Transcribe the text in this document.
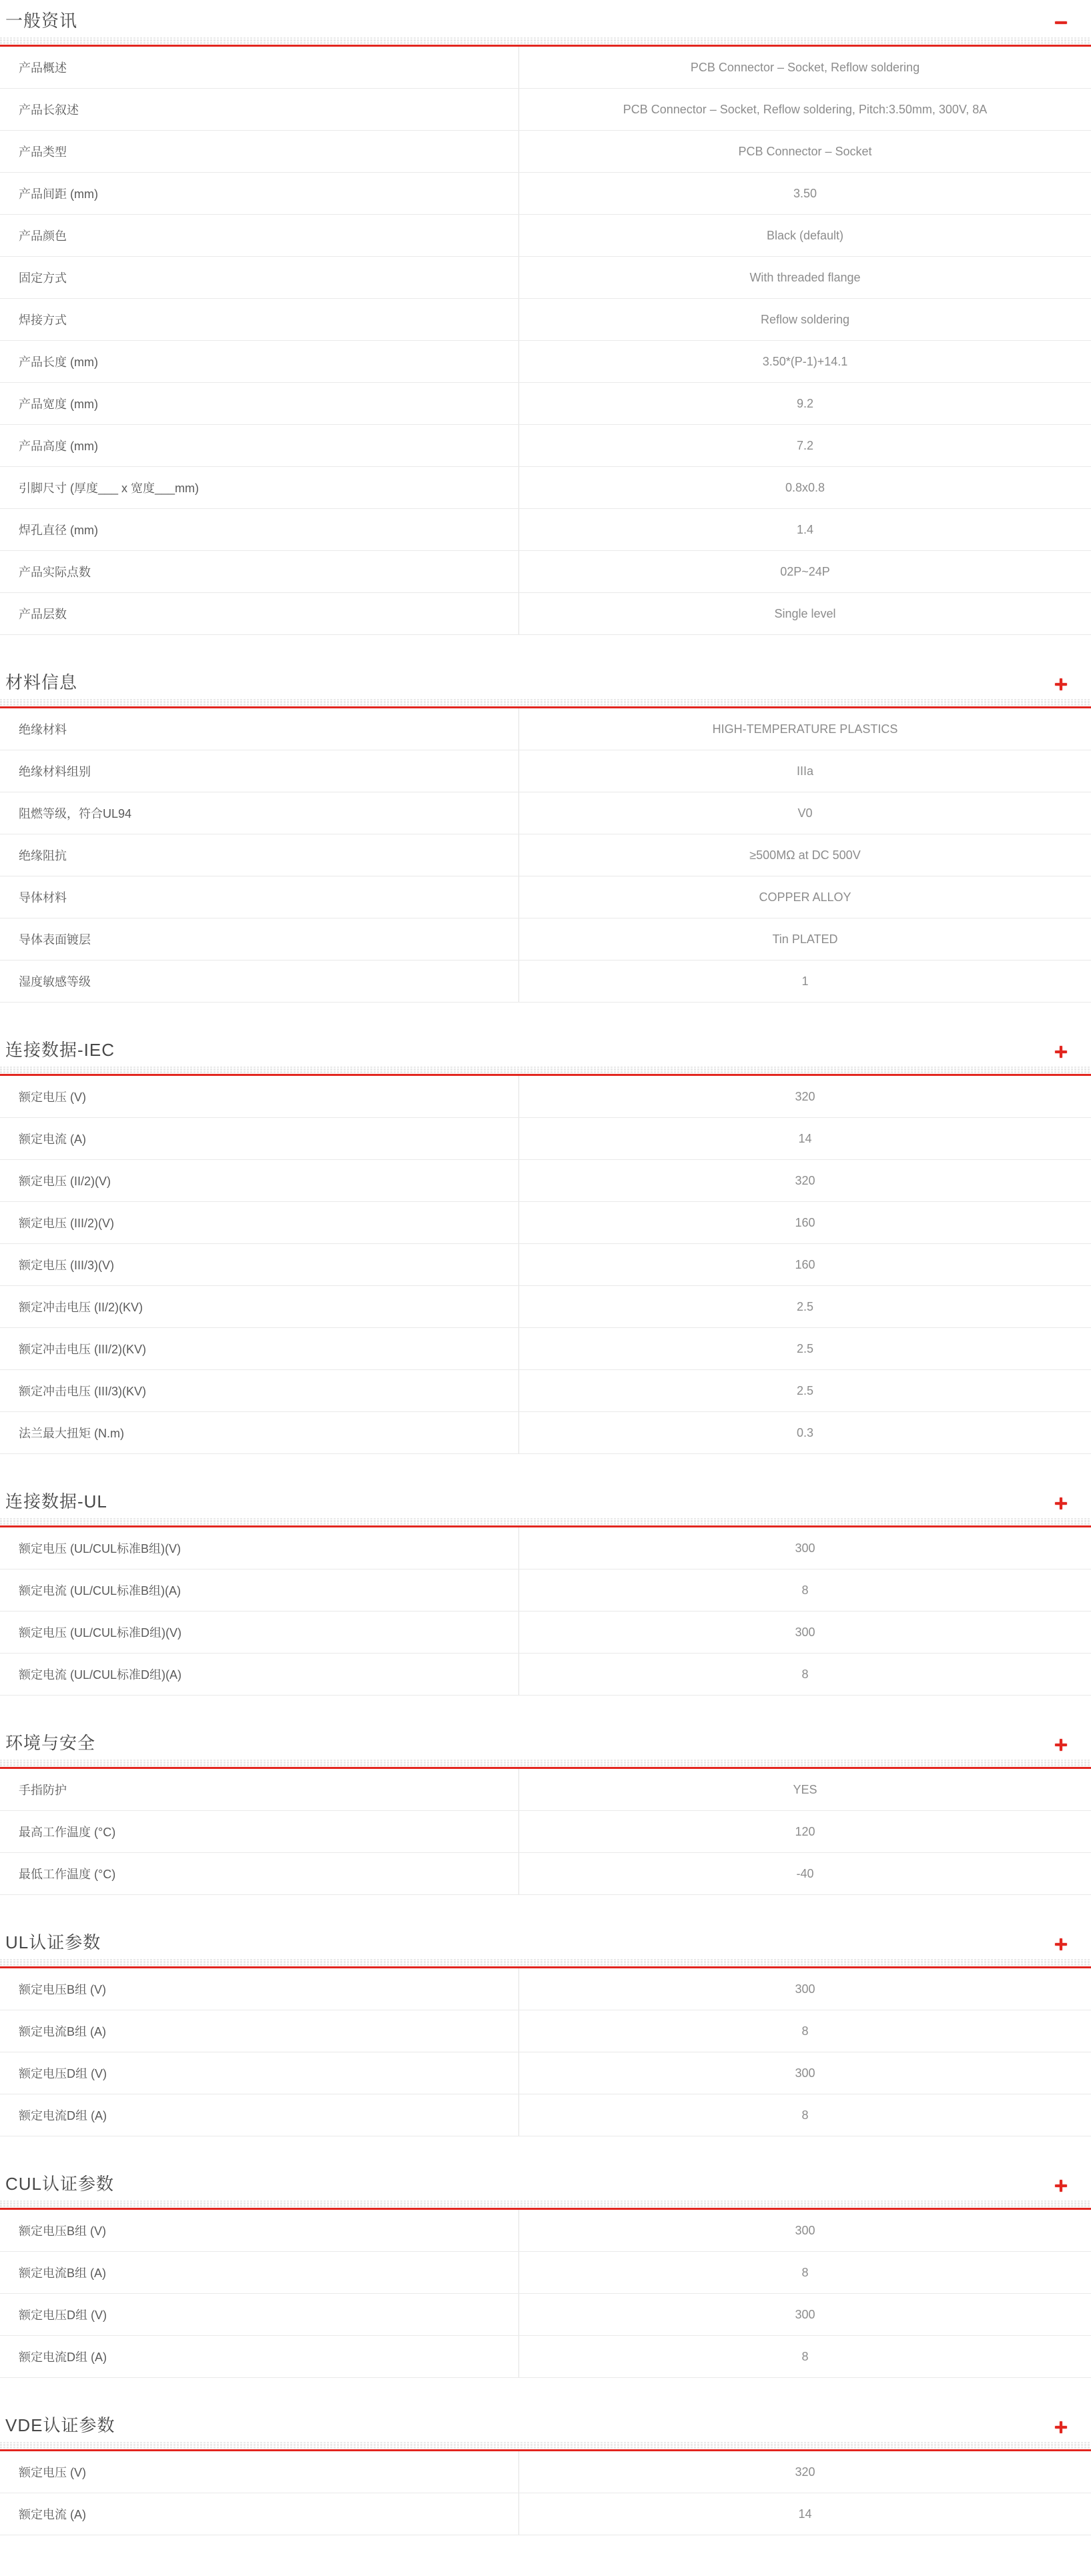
一般资讯
产品概述	PCB Connector – Socket, Reflow soldering
产品长叙述	PCB Connector – Socket, Reflow soldering, Pitch:3.50mm, 300V, 8A
产品类型	PCB Connector – Socket
产品间距 (mm)	3.50
产品颜色	Black (default)
固定方式	With threaded flange
焊接方式	Reflow soldering
产品长度 (mm)	3.50*(P-1)+14.1
产品宽度 (mm)	9.2
产品高度 (mm)	7.2
引脚尺寸 (厚度___ x 宽度___mm)	0.8x0.8
焊孔直径 (mm)	1.4
产品实际点数	02P~24P
产品层数	Single level
材料信息
绝缘材料	HIGH-TEMPERATURE PLASTICS
绝缘材料组别	IIIa
阻燃等级，符合UL94	V0
绝缘阻抗	≥500MΩ at DC 500V
导体材料	COPPER ALLOY
导体表面镀层	Tin PLATED
湿度敏感等级	1
连接数据-IEC
额定电压 (V)	320
额定电流 (A)	14
额定电压 (II/2)(V)	320
额定电压 (III/2)(V)	160
额定电压 (III/3)(V)	160
额定冲击电压 (II/2)(KV)	2.5
额定冲击电压 (III/2)(KV)	2.5
额定冲击电压 (III/3)(KV)	2.5
法兰最大扭矩 (N.m)	0.3
连接数据-UL
额定电压 (UL/CUL标准B组)(V)	300
额定电流 (UL/CUL标准B组)(A)	8
额定电压 (UL/CUL标准D组)(V)	300
额定电流 (UL/CUL标准D组)(A)	8
环境与安全
手指防护	YES
最高工作温度 (°C)	120
最低工作温度 (°C)	-40
UL认证参数
额定电压B组 (V)	300
额定电流B组 (A)	8
额定电压D组 (V)	300
额定电流D组 (A)	8
CUL认证参数
额定电压B组 (V)	300
额定电流B组 (A)	8
额定电压D组 (V)	300
额定电流D组 (A)	8
VDE认证参数
额定电压 (V)	320
额定电流 (A)	14
